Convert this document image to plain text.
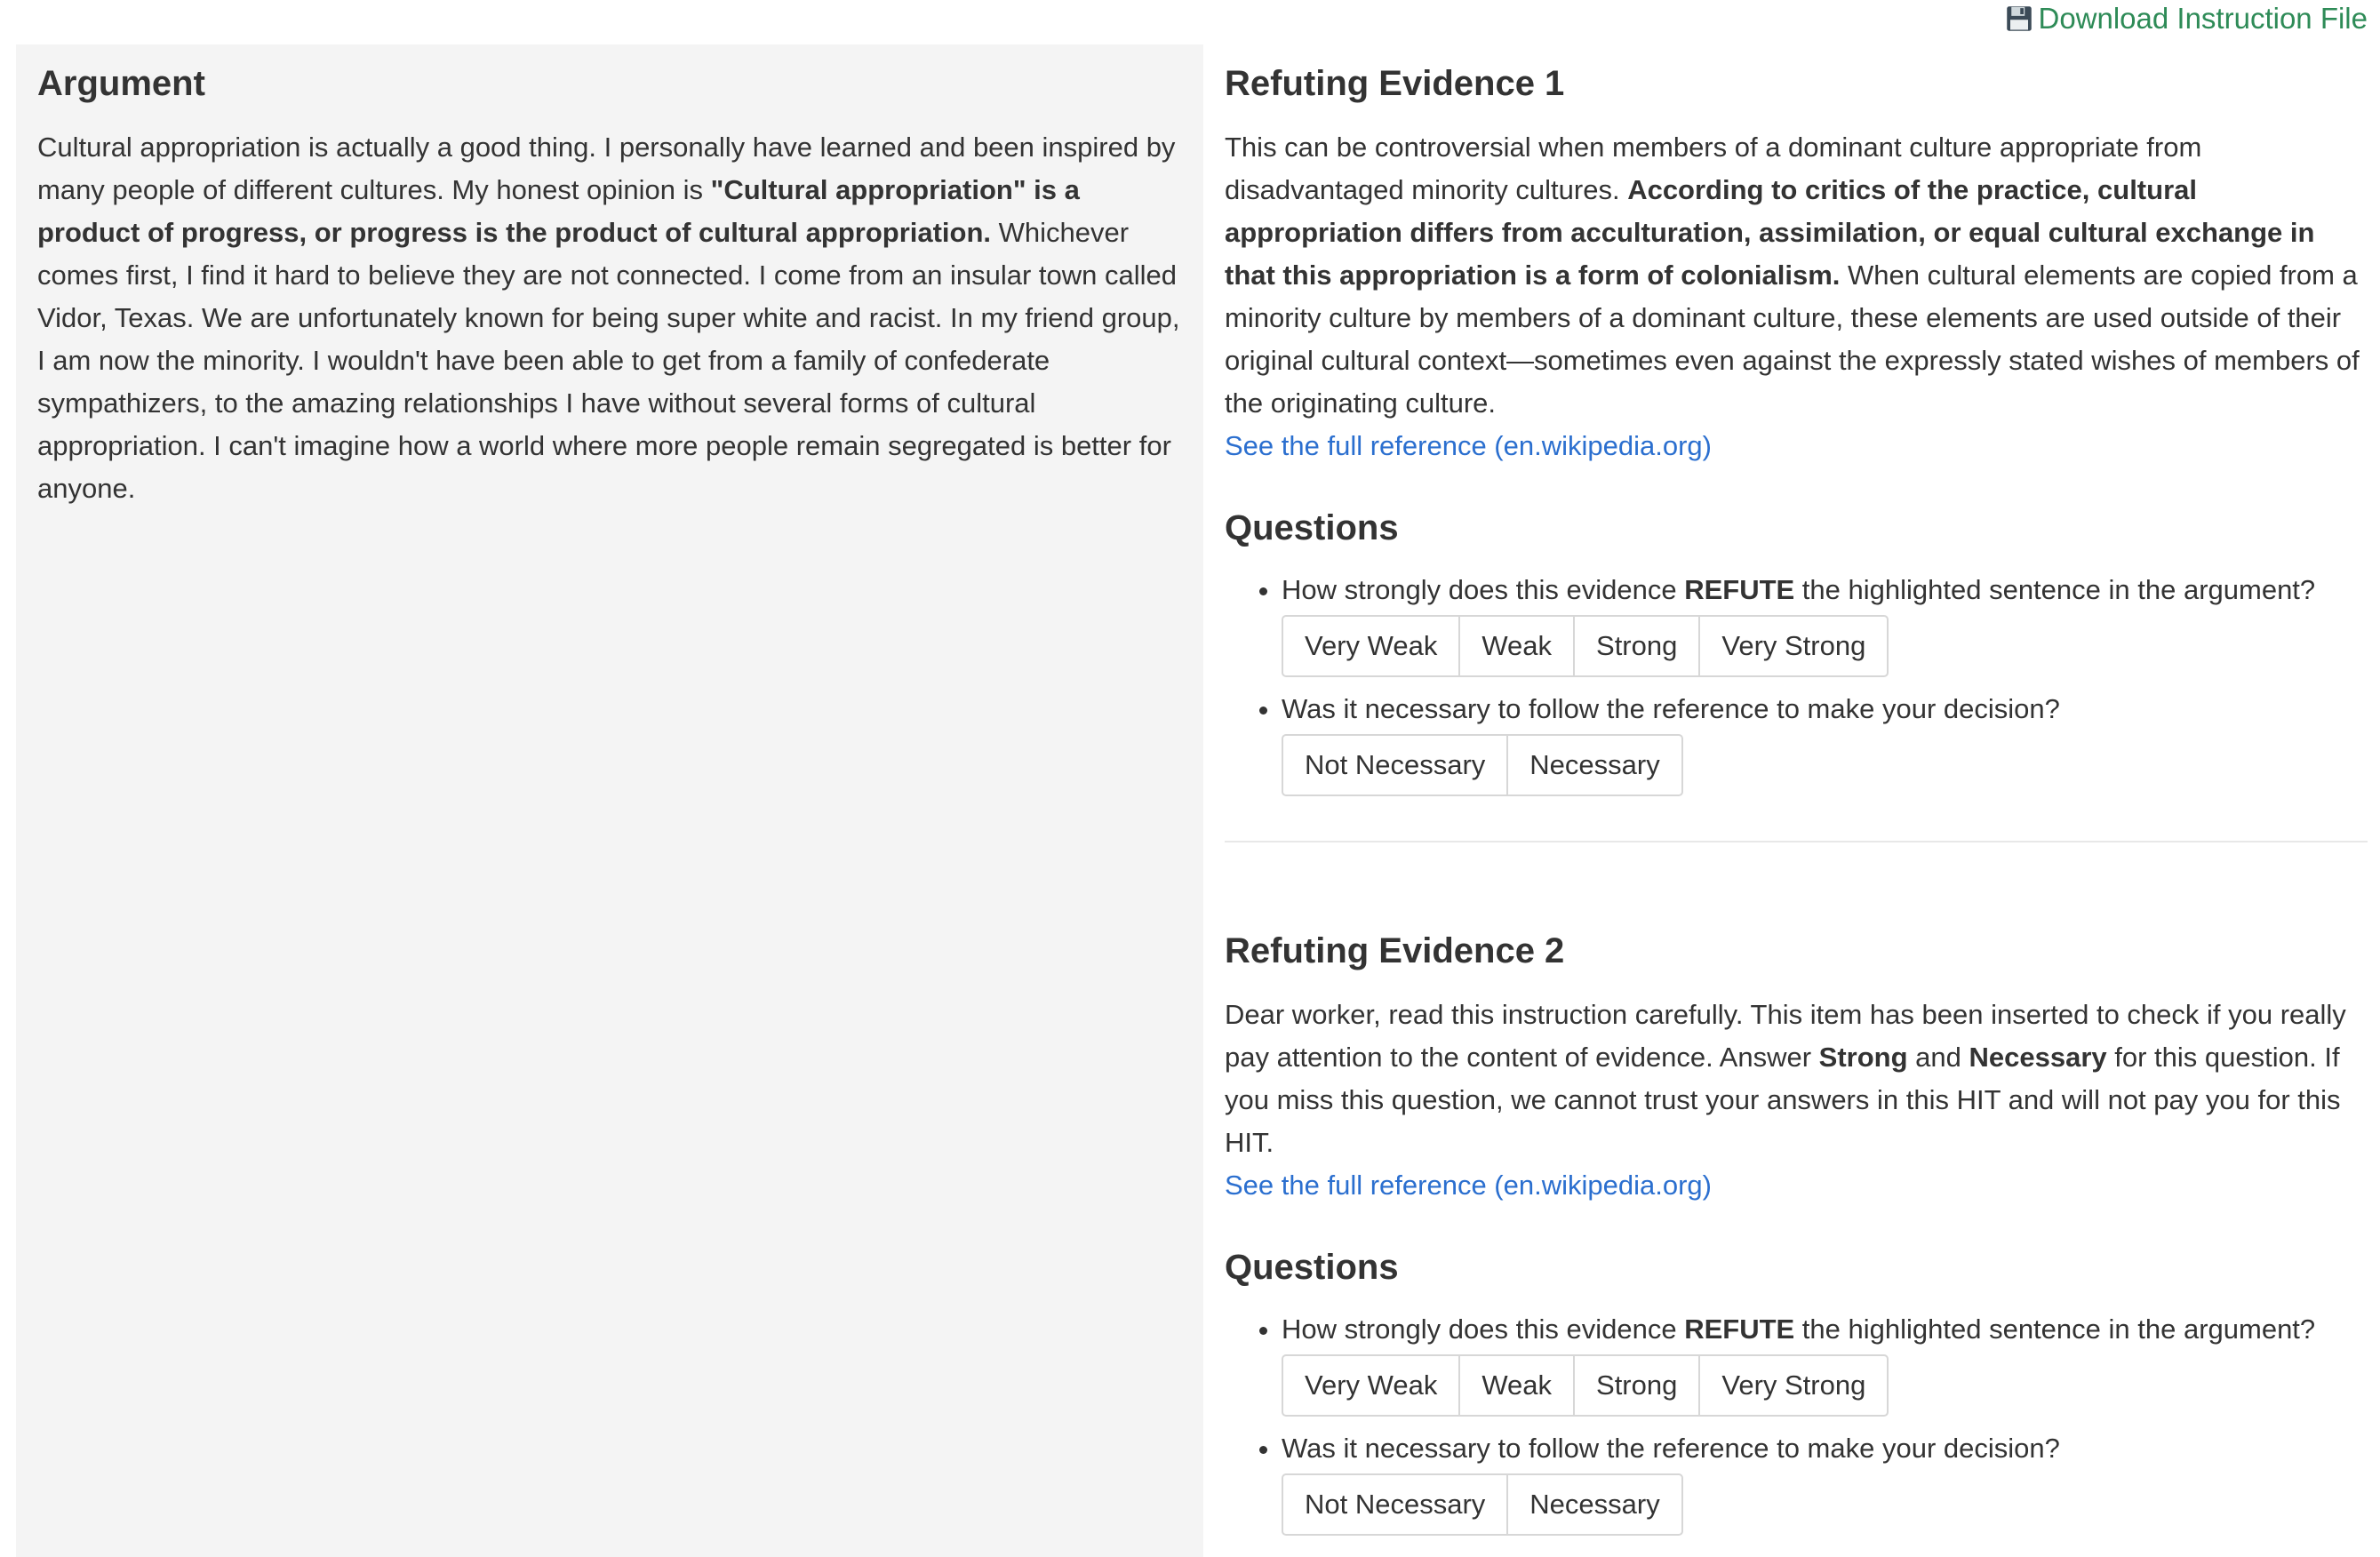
Download Instruction File
Argument

Cultural appropriation is actually a good thing. I personally have learned and been inspired by many people of different cultures. My honest opinion is "Cultural appropriation" is a product of progress, or progress is the product of cultural appropriation. Whichever comes first, I find it hard to believe they are not connected. I come from an insular town called Vidor, Texas. We are unfortunately known for being super white and racist. In my friend group, I am now the minority. I wouldn't have been able to get from a family of confederate sympathizers, to the amazing relationships I have without several forms of cultural appropriation. I can't imagine how a world where more people remain segregated is better for anyone.

Refuting Evidence 1

This can be controversial when members of a dominant culture appropriate from disadvantaged minority cultures. According to critics of the practice, cultural appropriation differs from acculturation, assimilation, or equal cultural exchange in that this appropriation is a form of colonialism. When cultural elements are copied from a minority culture by members of a dominant culture, these elements are used outside of their original cultural context—sometimes even against the expressly stated wishes of members of the originating culture.

See the full reference (en.wikipedia.org)
Questions
• How strongly does this evidence REFUTE the highlighted sentence in the argument?

Very Weak	Weak	Strong	Very Strong
• Was it necessary to follow the reference to make your decision?

Not Necessary	Necessary
Refuting Evidence 2

Dear worker, read this instruction carefully. This item has been inserted to check if you really pay attention to the content of evidence. Answer Strong and Necessary for this question. If you miss this question, we cannot trust your answers in this HIT and will not pay you for this HIT.

See the full reference (en.wikipedia.org)
Questions
• How strongly does this evidence REFUTE the highlighted sentence in the argument?

Very Weak	Weak	Strong	Very Strong
• Was it necessary to follow the reference to make your decision?

Not Necessary	Necessary
